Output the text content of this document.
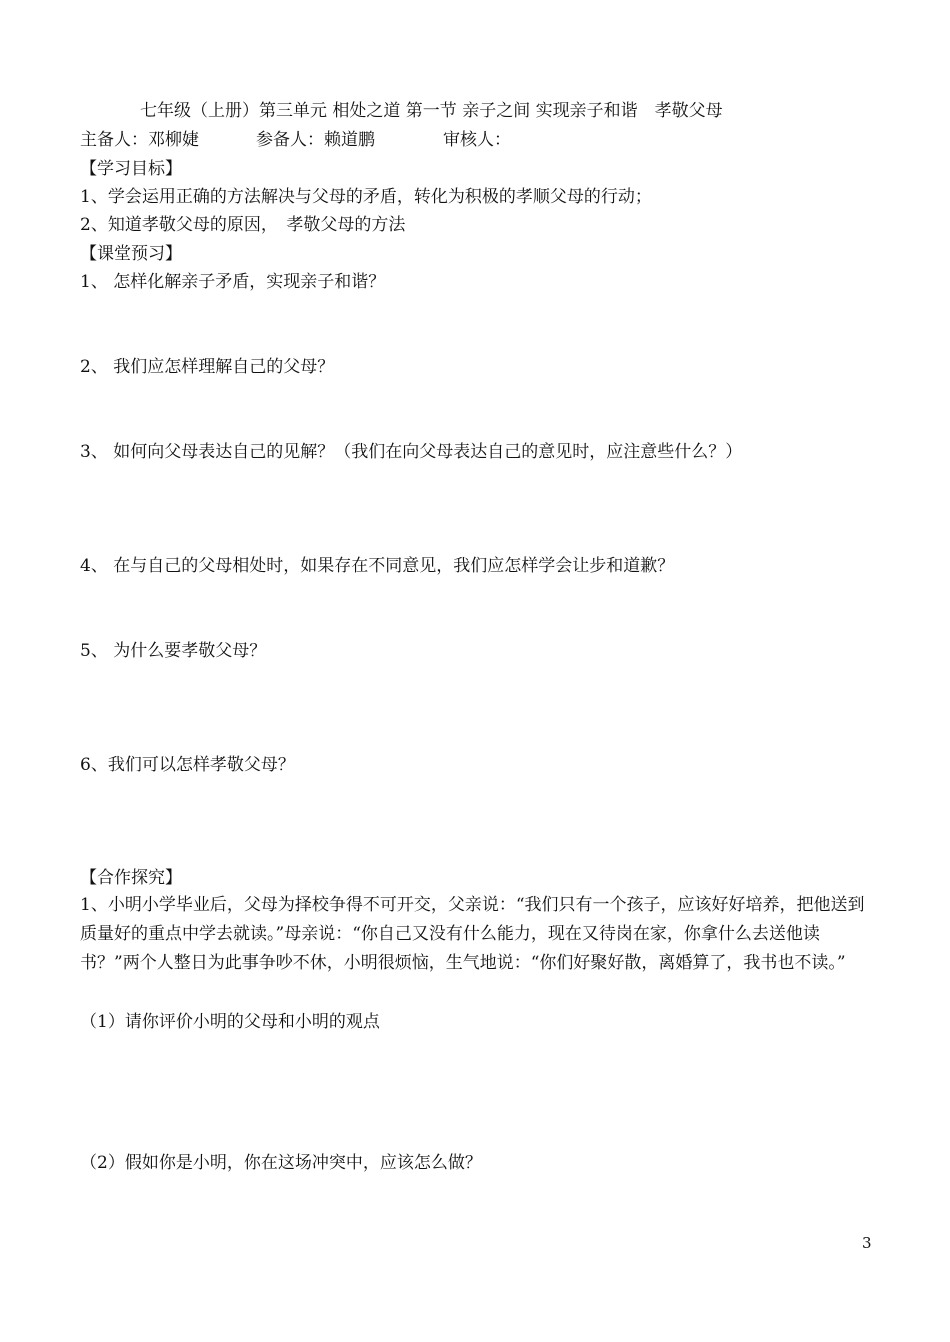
七年级（上册）第三单元 相处之道 第一节 亲子之间 实现亲子和谐　孝敬父母
主备人：邓柳婕	参备人：赖道鹏	审核人：
【学习目标】
1、学会运用正确的方法解决与父母的矛盾，转化为积极的孝顺父母的行动；
2、知道孝敬父母的原因，　孝敬父母的方法
【课堂预习】
1、 怎样化解亲子矛盾，实现亲子和谐？
2、 我们应怎样理解自己的父母？
3、 如何向父母表达自己的见解？（我们在向父母表达自己的意见时，应注意些什么？）
4、 在与自己的父母相处时，如果存在不同意见，我们应怎样学会让步和道歉？
5、 为什么要孝敬父母？
6、我们可以怎样孝敬父母？
【合作探究】
1、小明小学毕业后，父母为择校争得不可开交，父亲说：“我们只有一个孩子，应该好好培养，把他送到质量好的重点中学去就读。”母亲说：“你自己又没有什么能力，现在又待岗在家，你拿什么去送他读书？”两个人整日为此事争吵不休，小明很烦恼，生气地说：“你们好聚好散，离婚算了，我书也不读。”
（1）请你评价小明的父母和小明的观点
（2）假如你是小明，你在这场冲突中，应该怎么做？
3
